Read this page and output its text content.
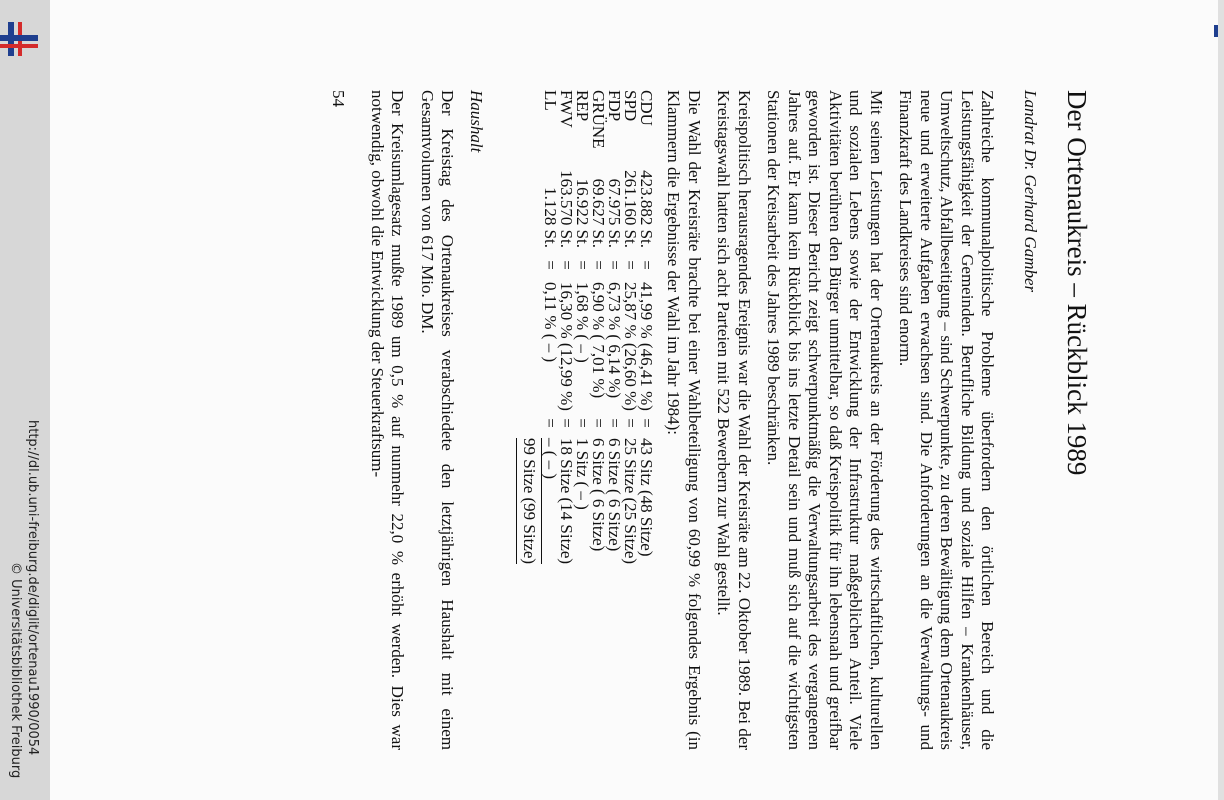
http://dl.ub.uni-freiburg.de/diglit/ortenau1990/0054
© Universitätsbibliothek Freiburg
Der Ortenaukreis – Rückblick 1989
Landrat Dr. Gerhard Gamber

Zahlreiche kommunalpolitische Probleme überfordern den örtlichen Bereich und die Leistungsfähigkeit der Gemeinden. Berufliche Bildung und soziale Hilfen – Krankenhäuser, Umweltschutz, Abfallbeseitigung – sind Schwerpunkte, zu deren Bewältigung dem Ortenaukreis neue und erweiterte Aufgaben erwachsen sind. Die Anforderungen an die Verwaltungs- und Finanzkraft des Landkreises sind enorm.

Mit seinen Leistungen hat der Ortenaukreis an der Förderung des wirtschaftlichen, kulturellen und sozialen Lebens sowie der Entwicklung der Infrastruktur maßgeblichen Anteil. Viele Aktivitäten berühren den Bürger unmittelbar, so daß Kreispolitik für ihn lebensnah und greifbar geworden ist. Dieser Bericht zeigt schwerpunktmäßig die Verwaltungsarbeit des vergangenen Jahres auf. Er kann kein Rückblick bis ins letzte Detail sein und muß sich auf die wichtigsten Stationen der Kreisarbeit des Jahres 1989 beschränken.

Kreispolitisch herausragendes Ereignis war die Wahl der Kreisräte am 22. Oktober 1989. Bei der Kreistagswahl hatten sich acht Parteien mit 522 Bewerbern zur Wahl gestellt.

Die Wahl der Kreisräte brachte bei einer Wahlbeteiligung von 60,99 % folgendes Ergebnis (in Klammern die Ergebnisse der Wahl im Jahr 1984):

CDU
423.882 St.
=
41,99 % (46,41 %)
=
43 Sitz (48 Sitze)
SPD
261.160 St.
=
25,87 % (26,60 %)
=
25 Sitze (25 Sitze)
FDP
67.975 St.
=
6,73 % ( 6,14 %)
=
6 Sitze ( 6 Sitze)
GRÜNE
69.627 St.
=
6,90 % ( 7,01 %)
=
6 Sitze ( 6 Sitze)
REP
16.922 St.
=
1,68 % ( – )
=
1 Sitz ( – )
FWV
163.570 St.
=
16,30 % (12,99 %)
=
18 Sitze (14 Sitze)
LL
1.128 St.
=
0,11 % ( – )
=
– ( – )
99 Sitze (99 Sitze)
Haushalt

Der Kreistag des Ortenaukreises verabschiedete den letztjährigen Haushalt mit einem Gesamtvolumen von 617 Mio. DM.

Der Kreisumlagesatz mußte 1989 um 0,5 % auf nunmehr 22,0 % erhöht werden. Dies war notwendig, obwohl die Entwicklung der Steuerkraftsum-

54
